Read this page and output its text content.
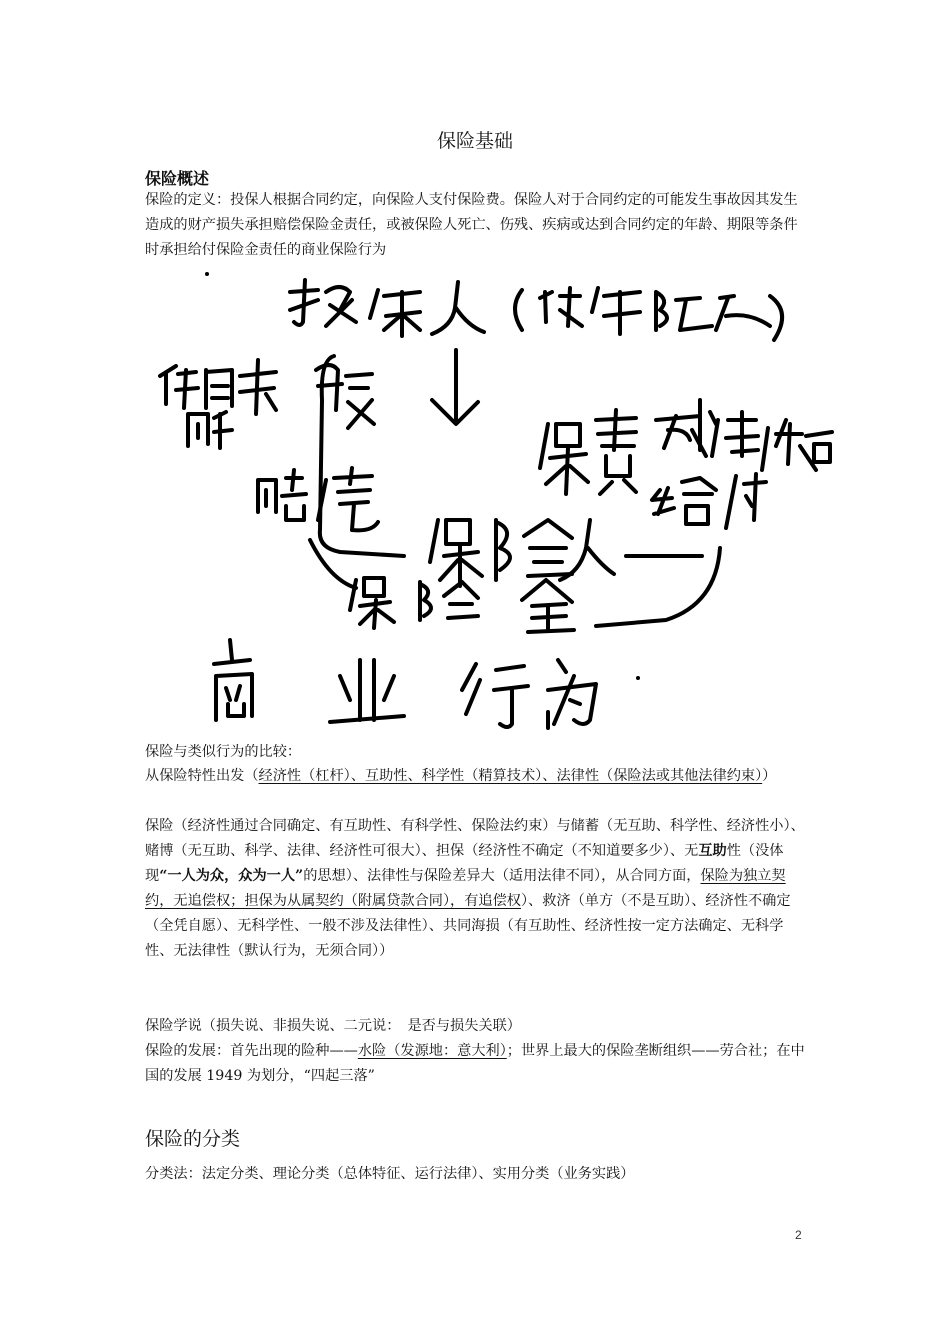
保险基础
保险概述
保险的定义：投保人根据合同约定，向保险人支付保险费。保险人对于合同约定的可能发生事故因其发生造成的财产损失承担赔偿保险金责任，或被保险人死亡、伤残、疾病或达到合同约定的年龄、期限等条件时承担给付保险金责任的商业保险行为
保险与类似行为的比较：
从保险特性出发（经济性（杠杆）、互助性、科学性（精算技术）、法律性（保险法或其他法律约束））
保险（经济性通过合同确定、有互助性、有科学性、保险法约束）与储蓄（无互助、科学性、经济性小）、赌博（无互助、科学、法律、经济性可很大）、担保（经济性不确定（不知道要多少）、无互助性（没体现“一人为众，众为一人”的思想）、法律性与保险差异大（适用法律不同），从合同方面，保险为独立契约，无追偿权；担保为从属契约（附属贷款合同），有追偿权）、救济（单方（不是互助）、经济性不确定（全凭自愿）、无科学性、一般不涉及法律性）、共同海损（有互助性、经济性按一定方法确定、无科学性、无法律性（默认行为，无须合同））
保险学说（损失说、非损失说、二元说：　是否与损失关联）
保险的发展：首先出现的险种——水险（发源地：意大利）；世界上最大的保险垄断组织——劳合社；在中国的发展 1949 为划分，“四起三落”
保险的分类
分类法：法定分类、理论分类（总体特征、运行法律）、实用分类（业务实践）
2
